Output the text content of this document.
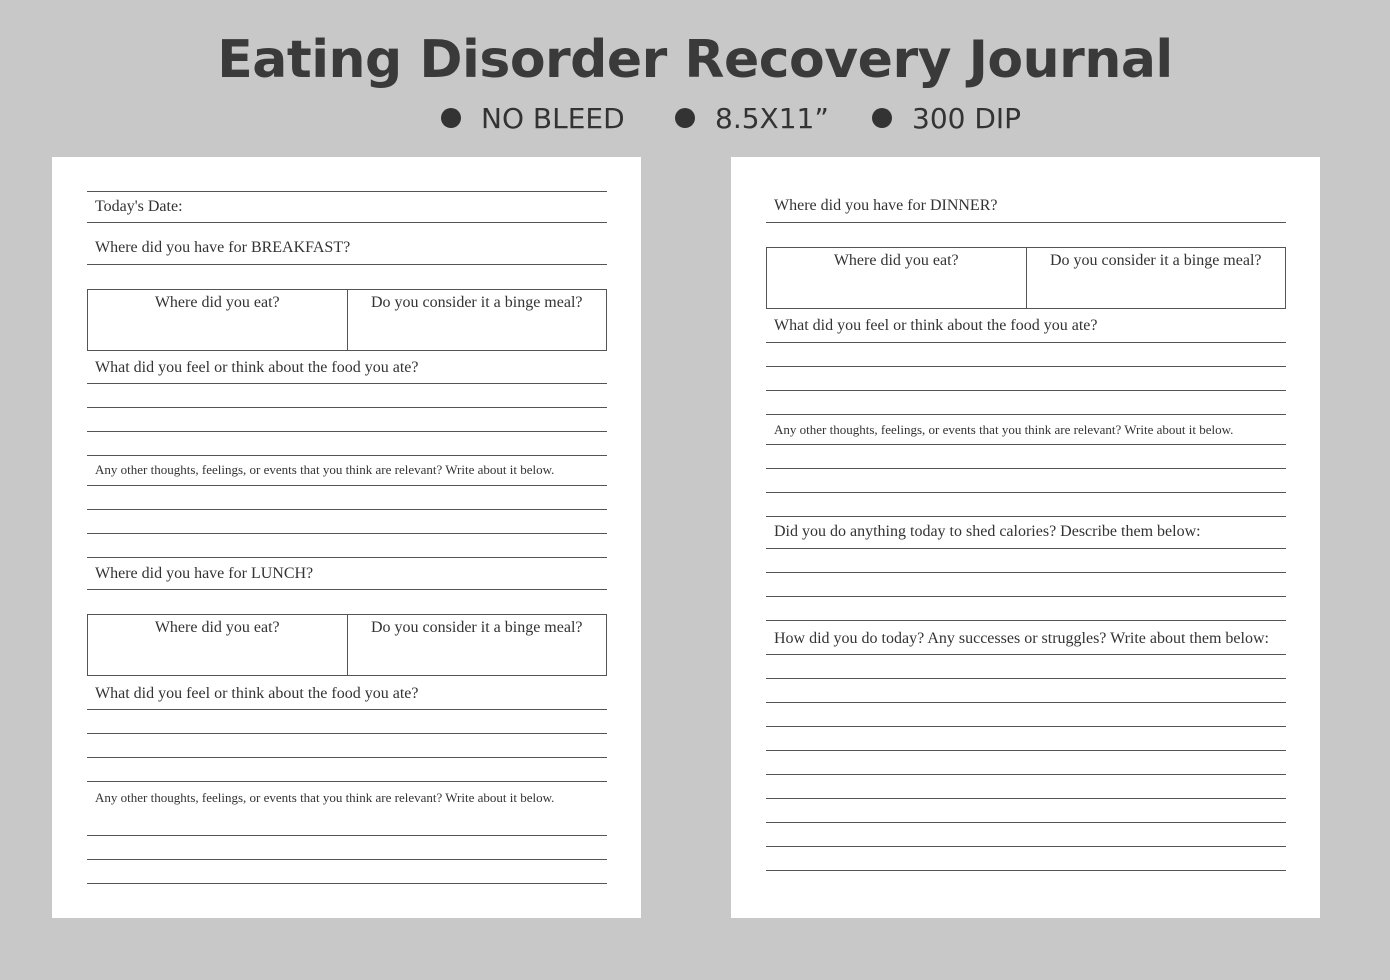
Eating Disorder Recovery Journal
NO BLEED	8.5X11”	300 DIP
Today's Date:
Where did you have for BREAKFAST?
Where did you eat?	Do you consider it a binge meal?
What did you feel or think about the food you ate?
Any other thoughts, feelings, or events that you think are relevant? Write about it below.
Where did you have for LUNCH?
Where did you eat?	Do you consider it a binge meal?
What did you feel or think about the food you ate?
Any other thoughts, feelings, or events that you think are relevant? Write about it below.
Where did you have for DINNER?
Where did you eat?	Do you consider it a binge meal?
What did you feel or think about the food you ate?
Any other thoughts, feelings, or events that you think are relevant? Write about it below.
Did you do anything today to shed calories? Describe them below:
How did you do today? Any successes or struggles? Write about them below:
